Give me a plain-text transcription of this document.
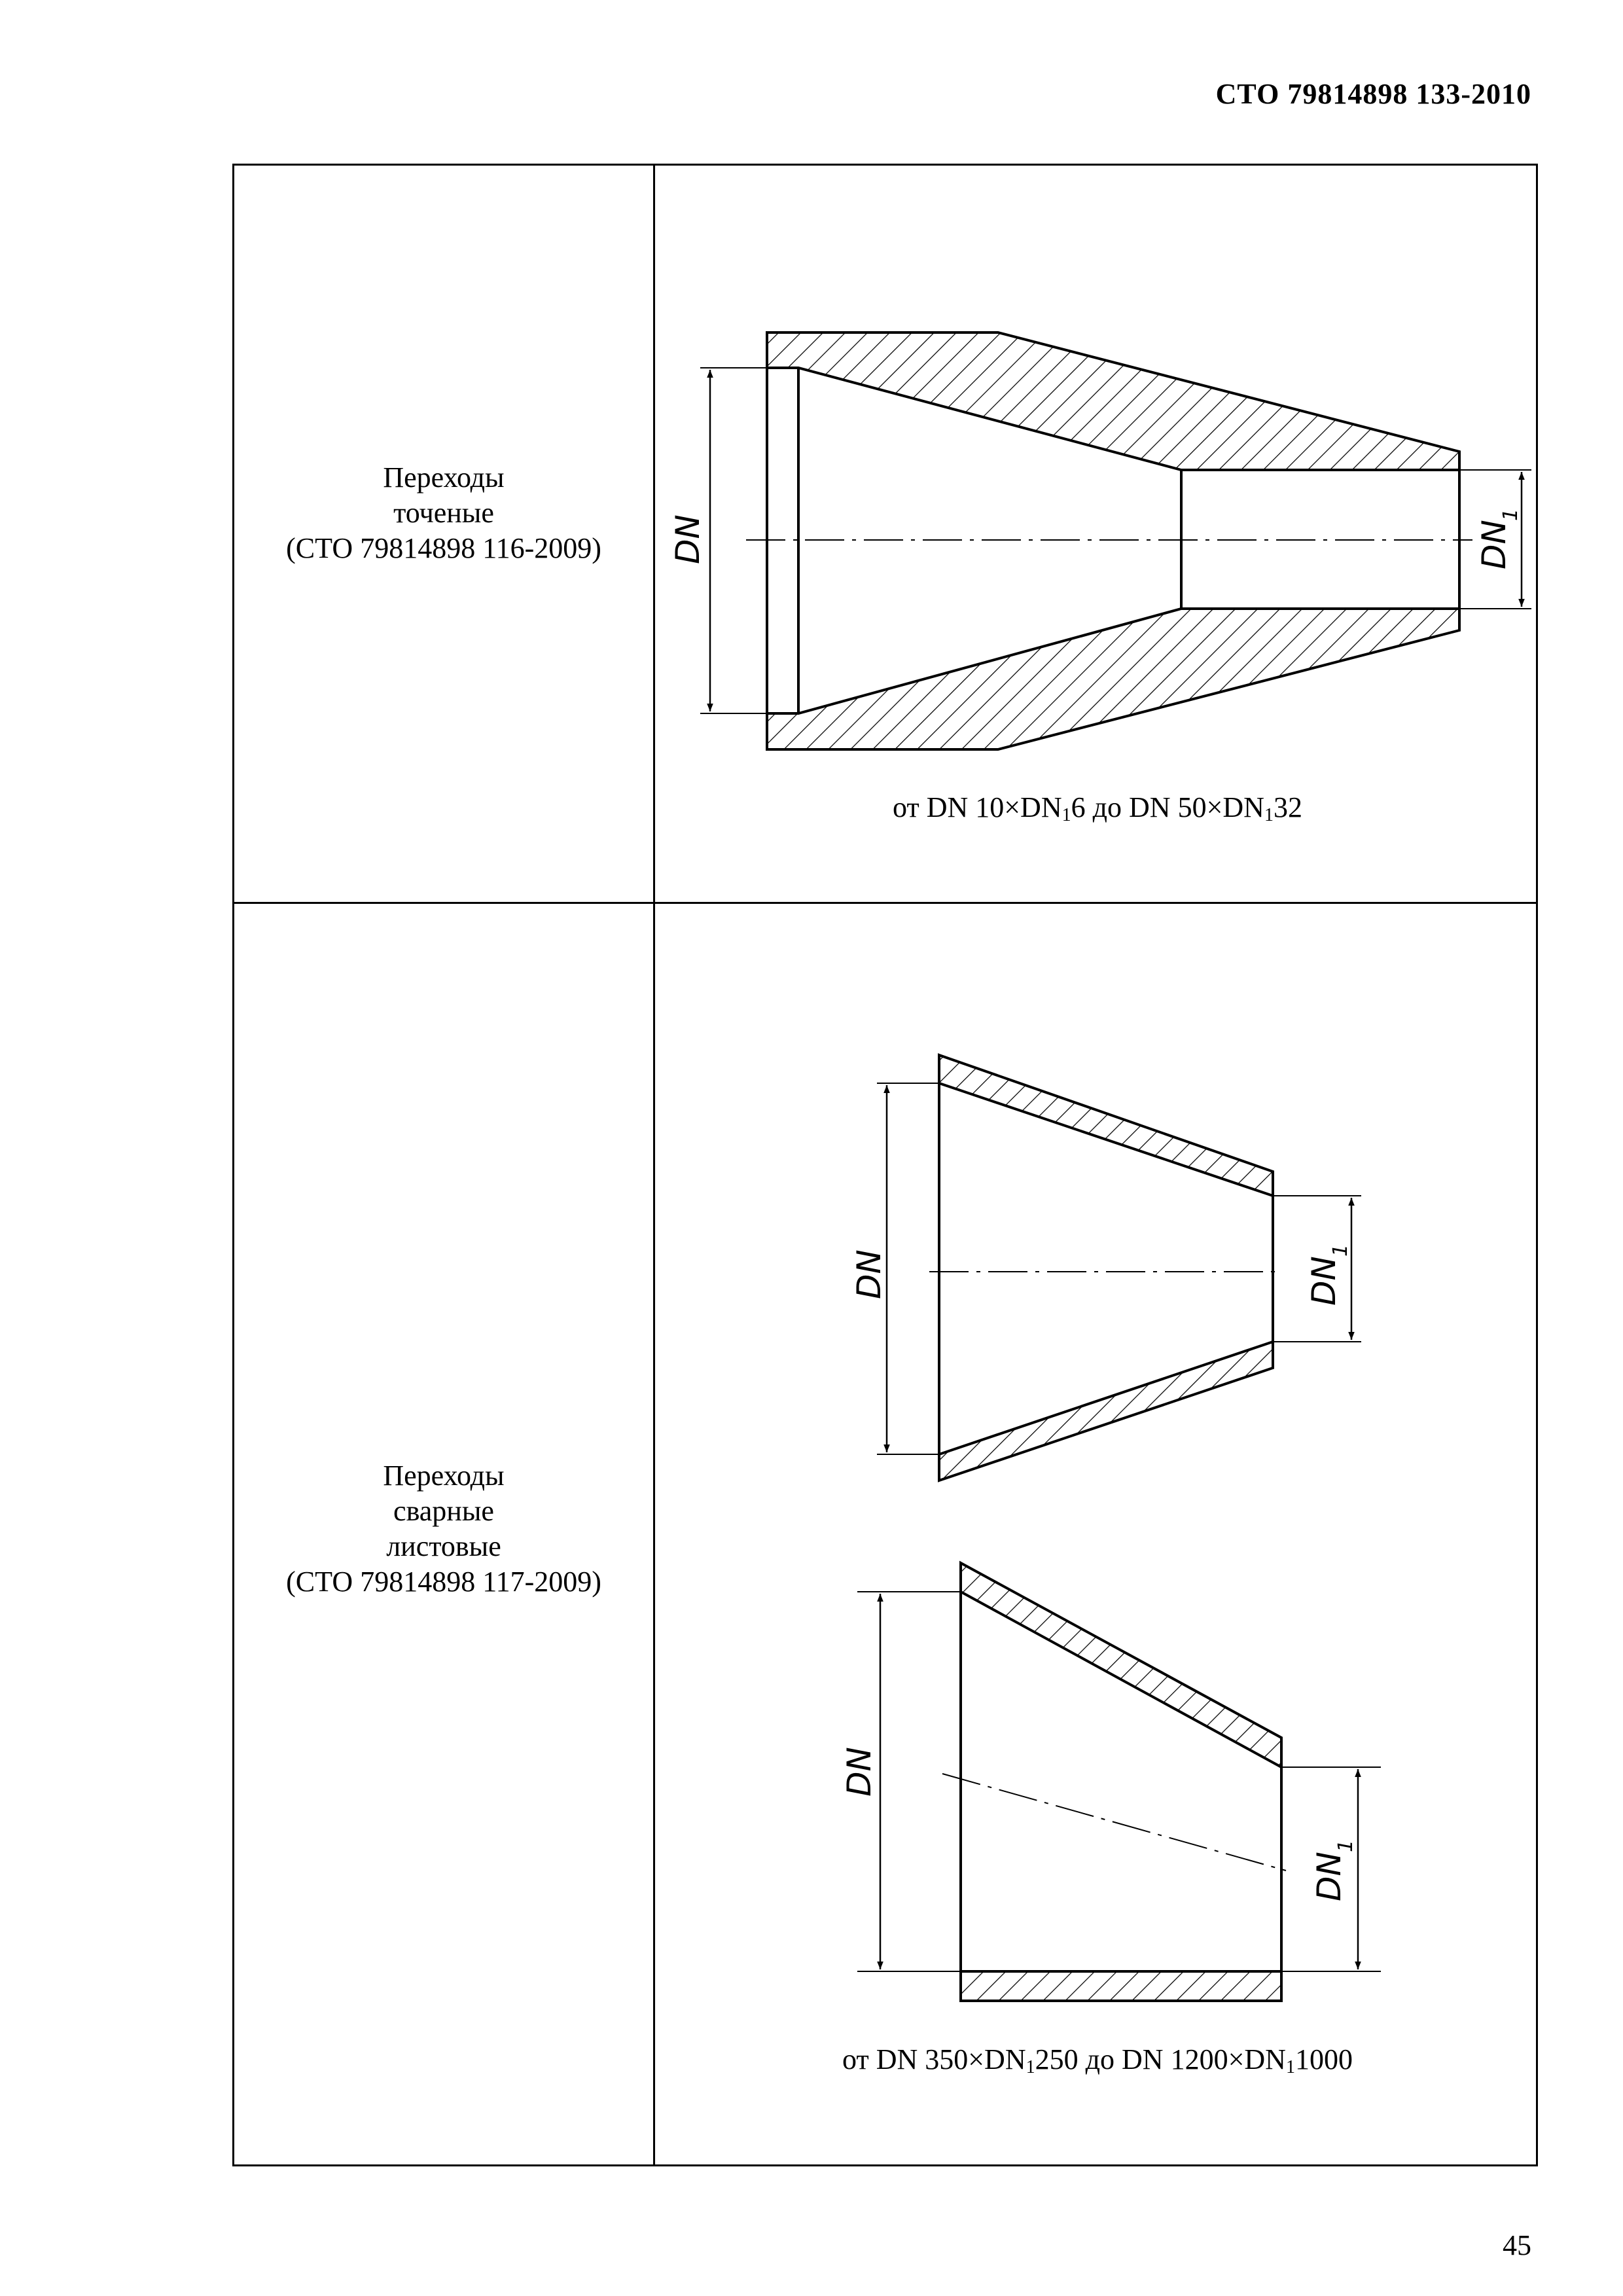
СТО 79814898 133-2010
Переходы
точеные
(СТО 79814898 116-2009)
от DN $10\times DN_16$ до DN $50\times DN_132$
Переходы
сварные
листовые
(СТО 79814898 117-2009)
от DN $350\times DN_1250$ до DN $1200\times DN_11000$
DN	DN
1
DN	DN
1
DN
DN
1
45
